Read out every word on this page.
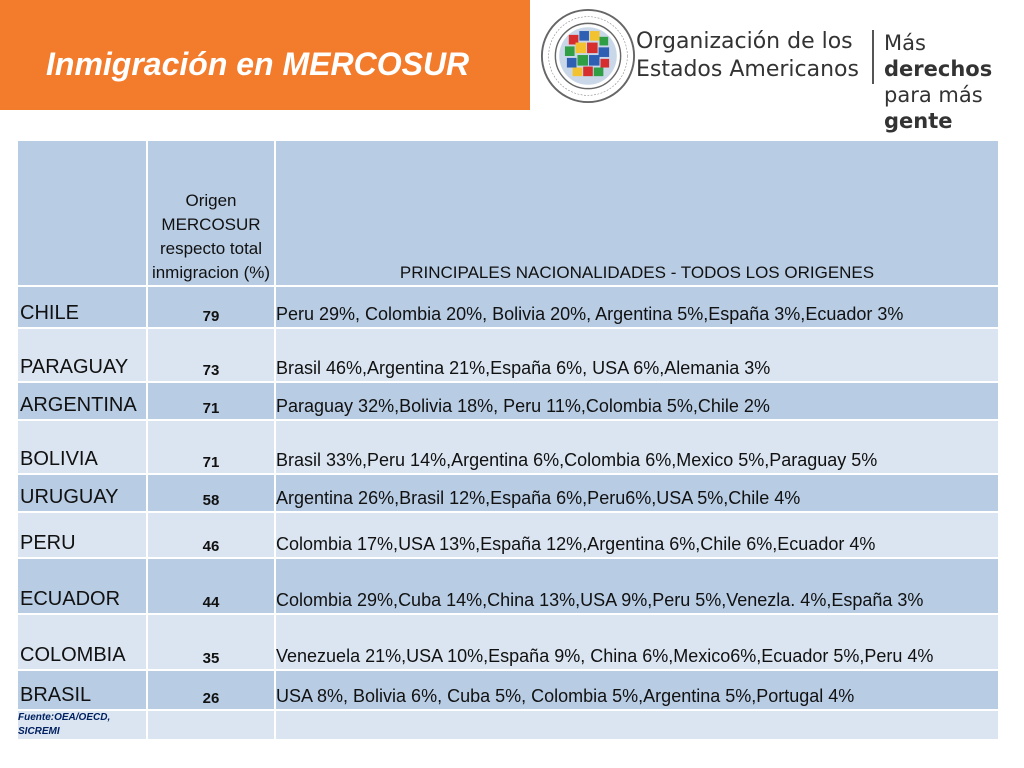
Inmigración en MERCOSUR
Organización de los
Estados Americanos
Más derechos
para más gente
	Origen MERCOSUR respecto total inmigracion (%)	PRINCIPALES NACIONALIDADES - TODOS LOS ORIGENES
CHILE	79	Peru 29%, Colombia 20%, Bolivia 20%, Argentina 5%,España 3%,Ecuador 3%
PARAGUAY	73	Brasil 46%,Argentina 21%,España 6%, USA 6%,Alemania 3%
ARGENTINA	71	Paraguay 32%,Bolivia 18%, Peru 11%,Colombia 5%,Chile 2%
BOLIVIA	71	Brasil 33%,Peru 14%,Argentina 6%,Colombia 6%,Mexico 5%,Paraguay 5%
URUGUAY	58	Argentina 26%,Brasil 12%,España 6%,Peru6%,USA 5%,Chile 4%
PERU	46	Colombia 17%,USA 13%,España 12%,Argentina 6%,Chile 6%,Ecuador 4%
ECUADOR	44	Colombia 29%,Cuba 14%,China 13%,USA 9%,Peru 5%,Venezla. 4%,España 3%
COLOMBIA	35	Venezuela 21%,USA 10%,España 9%, China 6%,Mexico6%,Ecuador 5%,Peru 4%
BRASIL	26	USA 8%, Bolivia 6%, Cuba 5%, Colombia 5%,Argentina 5%,Portugal 4%
Fuente:OEA/OECD, SICREMI		
